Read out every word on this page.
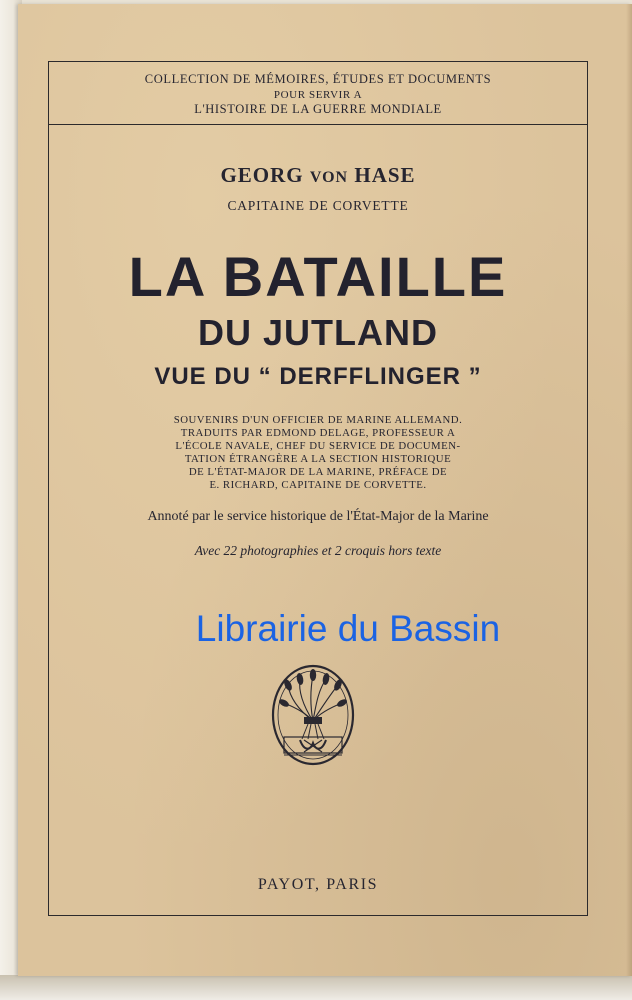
COLLECTION DE MÉMOIRES, ÉTUDES ET DOCUMENTS
POUR SERVIR A
L'HISTOIRE DE LA GUERRE MONDIALE
GEORG VON HASE
CAPITAINE DE CORVETTE
LA BATAILLE
DU JUTLAND
VUE DU “ DERFFLINGER ”
SOUVENIRS D'UN OFFICIER DE MARINE ALLEMAND.
TRADUITS PAR EDMOND DELAGE, PROFESSEUR A
L'ÉCOLE NAVALE, CHEF DU SERVICE DE DOCUMEN-
TATION ÉTRANGÈRE A LA SECTION HISTORIQUE
DE L'ÉTAT-MAJOR DE LA MARINE, PRÉFACE DE
E. RICHARD, CAPITAINE DE CORVETTE.
Annoté par le service historique de l'État-Major de la Marine
Avec 22 photographies et 2 croquis hors texte
Librairie du Bassin
PAYOT, PARIS
